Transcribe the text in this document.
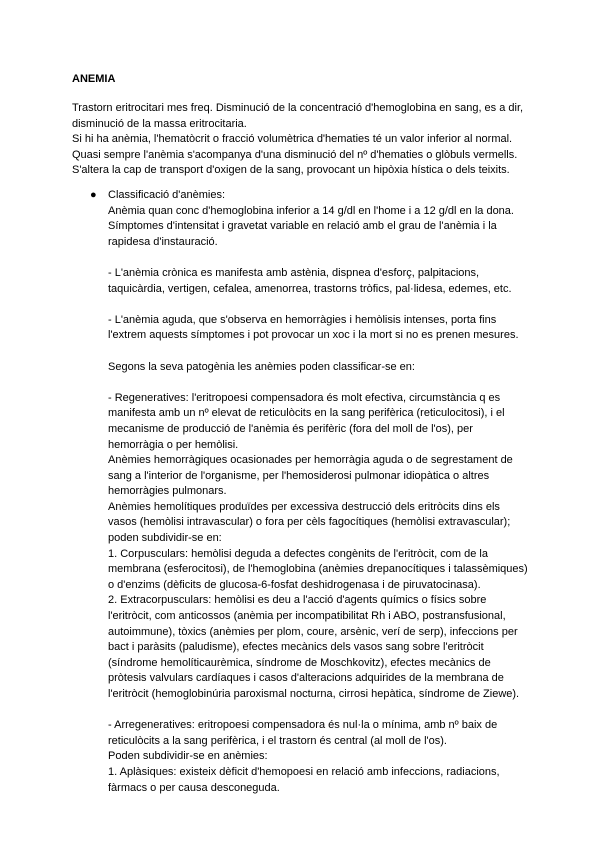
ANEMIA

Trastorn eritrocitari mes freq. Disminució de la concentració d'hemoglobina en sang, es a dir, disminució de la massa eritrocitaria.

Si hi ha anèmia, l'hematòcrit o fracció volumètrica d'hematies té un valor inferior al normal.

Quasi sempre l'anèmia s'acompanya d'una disminució del nº d'hematies o glòbuls vermells.

S'altera la cap de transport d'oxigen de la sang, provocant un hipòxia hística o dels teixits.

● Classificació d'anèmies:

Anèmia quan conc d'hemoglobina inferior a 14 g/dl en l'home i a 12 g/dl en la dona. Símptomes d'intensitat i gravetat variable en relació amb el grau de l'anèmia i la rapidesa d'instauració.

- L'anèmia crònica es manifesta amb astènia, dispnea d'esforç, palpitacions, taquicàrdia, vertigen, cefalea, amenorrea, trastorns tròfics, pal·lidesa, edemes, etc.

- L'anèmia aguda, que s'observa en hemorràgies i hemòlisis intenses, porta fins l'extrem aquests símptomes i pot provocar un xoc i la mort si no es prenen mesures.

Segons la seva patogènia les anèmies poden classificar-se en:

- Regeneratives: l'eritropoesi compensadora és molt efectiva, circumstància q es manifesta amb un nº elevat de reticulòcits en la sang perifèrica (reticulocitosi), i el mecanisme de producció de l'anèmia és perifèric (fora del moll de l'os), per hemorràgia o per hemòlisi.

Anèmies hemorràgiques ocasionades per hemorràgia aguda o de segrestament de sang a l'interior de l'organisme, per l'hemosiderosi pulmonar idiopàtica o altres hemorràgies pulmonars.

Anèmies hemolítiques produïdes per excessiva destrucció dels eritròcits dins els vasos (hemòlisi intravascular) o fora per cèls fagocítiques (hemòlisi extravascular); poden subdividir-se en:

1. Corpusculars: hemòlisi deguda a defectes congènits de l'eritròcit, com de la membrana (esferocitosi), de l'hemoglobina (anèmies drepanocítiques i talassèmiques) o d'enzims (dèficits de glucosa-6-fosfat deshidrogenasa i de piruvatocinasa).

2. Extracorpusculars: hemòlisi es deu a l'acció d'agents químics o físics sobre l'eritròcit, com anticossos (anèmia per incompatibilitat Rh i ABO, postransfusional, autoimmune), tòxics (anèmies per plom, coure, arsènic, verí de serp), infeccions per bact i paràsits (paludisme), efectes mecànics dels vasos sang sobre l'eritròcit (síndrome hemolíticaurèmica, síndrome de Moschkovitz), efectes mecànics de pròtesis valvulars cardíaques i casos d'alteracions adquirides de la membrana de l'eritròcit (hemoglobinúria paroxismal nocturna, cirrosi hepàtica, síndrome de Ziewe).

- Arregeneratives: eritropoesi compensadora és nul·la o mínima, amb nº baix de reticulòcits a la sang perifèrica, i el trastorn és central (al moll de l'os).

Poden subdividir-se en anèmies:

1. Aplàsiques: existeix dèficit d'hemopoesi en relació amb infeccions, radiacions, fàrmacs o per causa desconeguda.
